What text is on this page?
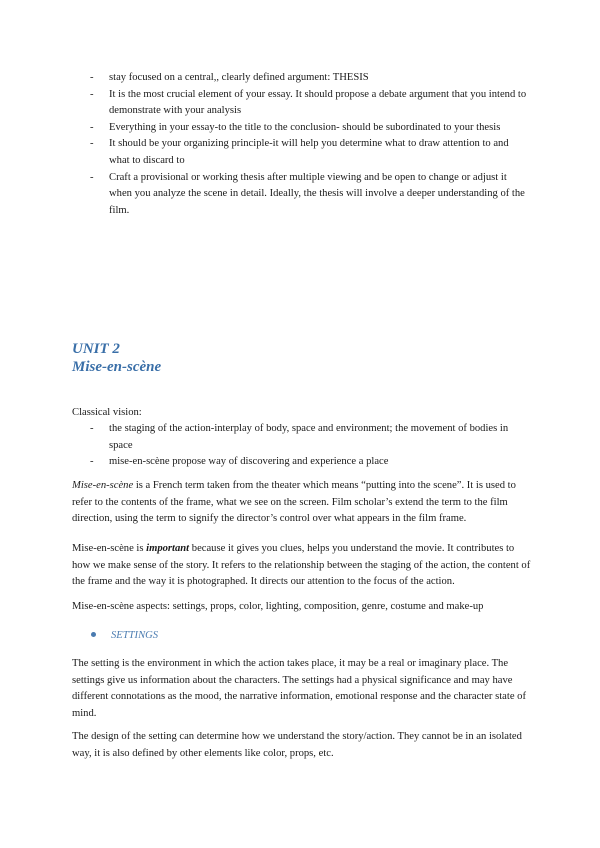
- stay focused on a central,, clearly defined argument: THESIS
- It is the most crucial element of your essay. It should propose a debate argument that you intend to demonstrate with your analysis
- Everything in your essay-to the title to the conclusion- should be subordinated to your thesis
- It should be your organizing principle-it will help you determine what to draw attention to and what to discard to
- Craft a provisional or working thesis after multiple viewing and be open to change or adjust it when you analyze the scene in detail. Ideally, the thesis will involve a deeper understanding of the film.
UNIT 2
Mise-en-scène

Classical vision:

- the staging of the action-interplay of body, space and environment; the movement of bodies in space
- mise-en-scène propose way of discovering and experience a place

Mise-en-scène is a French term taken from the theater which means “putting into the scene”. It is used to refer to the contents of the frame, what we see on the screen. Film scholar’s extend the term to the film direction, using the term to signify the director’s control over what appears in the film frame.

Mise-en-scène is important because it gives you clues, helps you understand the movie. It contributes to how we make sense of the story. It refers to the relationship between the staging of the action, the content of the frame and the way it is photographed. It directs our attention to the focus of the action.

Mise-en-scène aspects: settings, props, color, lighting, composition, genre, costume and make-up

SETTINGS

The setting is the environment in which the action takes place, it may be a real or imaginary place. The settings give us information about the characters. The settings had a physical significance and may have different connotations as the mood, the narrative information, emotional response and the character state of mind.

The design of the setting can determine how we understand the story/action. They cannot be in an isolated way, it is also defined by other elements like color, props, etc.
